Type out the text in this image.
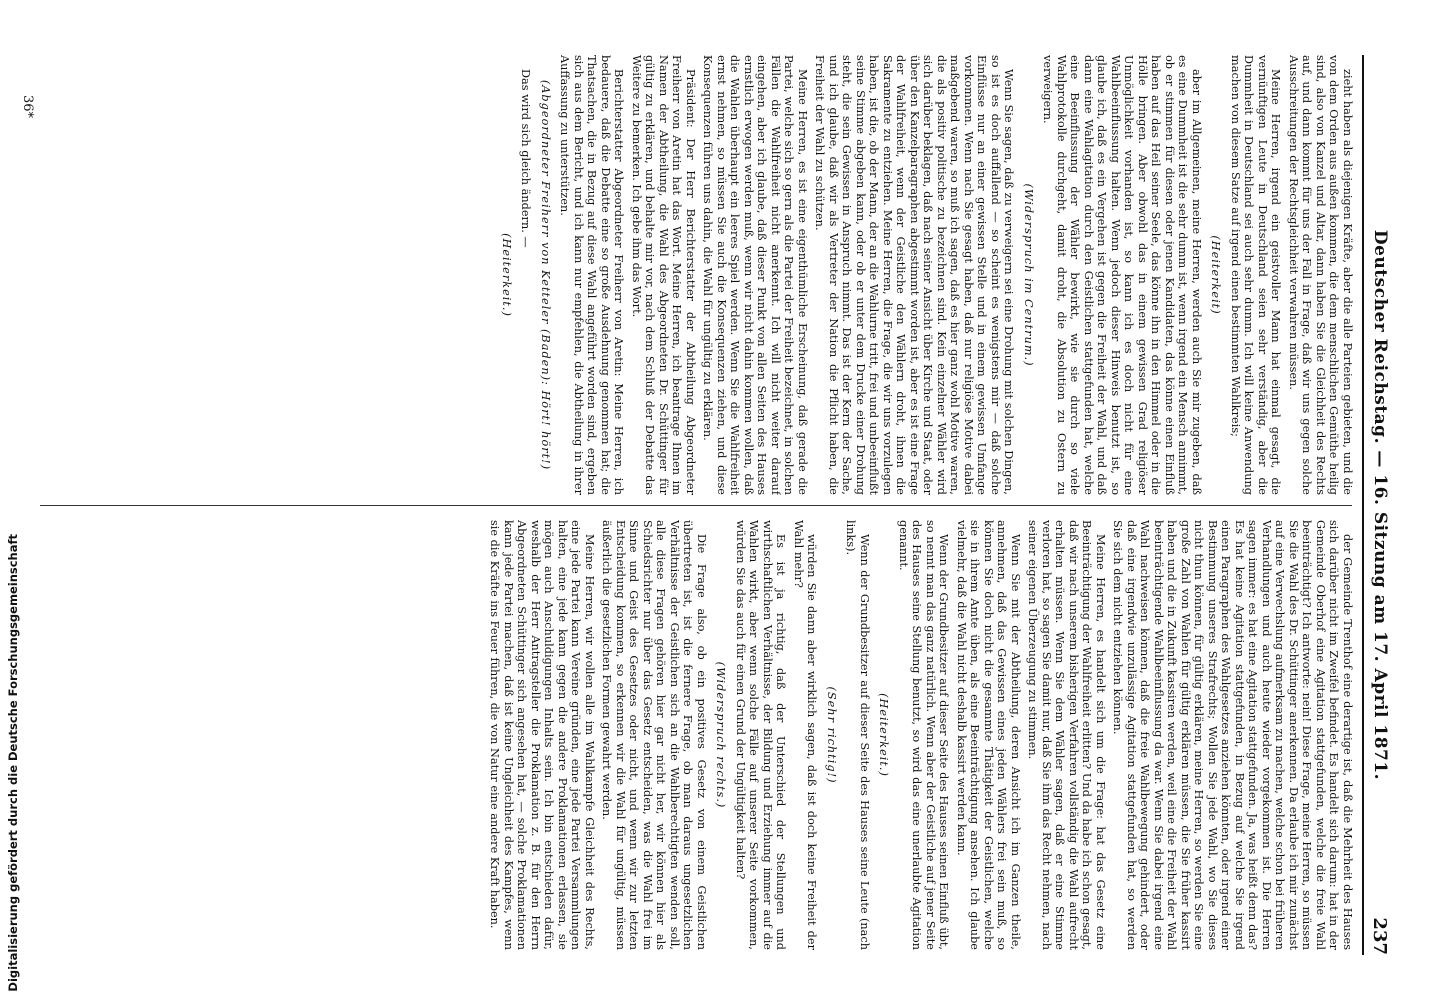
Digitalisierung gefördert durch die Deutsche Forschungsgemeinschaft	Deutscher Reichstag. — 16. Sitzung am 17. April 1871.
237

der Gemeinde Trenthof eine derartige ist, daß die Mehrheit des Hauses sich darüber nicht im Zweifel befindet. Es handelt sich darum: hat in der Gemeinde Oberhof eine Agitation stattgefunden, welche die freie Wahl beeinträchtigt? Ich antworte: nein! Diese Frage, meine Herren, so müssen Sie die Wahl des Dr. Schüttinger anerkennen. Da erlaube ich mir zunächst auf eine Verwechslung aufmerksam zu machen, welche schon bei früheren Verhandlungen und auch heute wieder vorgekommen ist. Die Herren sagen immer: es hat eine Agitation stattgefunden. Ja, was heißt denn das? Es hat keine Agitation stattgefunden, in Bezug auf welche Sie irgend einen Paragraphen des Wahlgesetzes anziehen könnten, oder irgend einer Bestimmung unseres Strafrechts; Wollen Sie jede Wahl, wo Sie dieses nicht thun können, für gültig erklären, meine Herren, so werden Sie eine große Zahl von Wahlen für gültig erklären müssen, die Sie früher kassirt haben und die in Zukunft kassiren werden, weil eine die Freiheit der Wahl beeinträchtigende Wahlbeeinflussung da war. Wenn Sie dabei irgend eine Wahl nachweisen können, daß die freie Wahlbewegung gehindert, oder daß eine irgendwie unzulässige Agitation stattgefunden hat, so werden Sie sich dem nicht entziehen können.

Meine Herren, es handelt sich um die Frage: hat das Gesetz eine Beeinträchtigung der Wahlfreiheit erlitten? Und da habe ich schon gesagt, daß wir nach unserem bisherigen Verfahren vollständig die Wahl aufrecht erhalten müssen. Wenn Sie dem Wähler sagen, daß er eine Stimme verloren hat, so sagen Sie damit nur, daß Sie ihm das Recht nehmen, nach seiner eigenen Überzeugung zu stimmen.

Wenn Sie mit der Abtheilung, deren Ansicht ich im Ganzen theile, annehmen, daß das Gewissen eines jeden Wählers frei sein muß, so können Sie doch nicht die gesammte Thätigkeit der Geistlichen, welche sie in ihrem Amte üben, als eine Beeinträchtigung ansehen. Ich glaube vielmehr, daß die Wahl nicht deshalb kassirt werden kann.

Wenn der Grundbesitzer auf dieser Seite des Hauses seinen Einfluß übt, so nennt man das ganz natürlich. Wenn aber der Geistliche auf jener Seite des Hauses seine Stellung benutzt, so wird das eine unerlaubte Agitation genannt.

(Heiterkeit.)

Wenn der Grundbesitzer auf dieser Seite des Hauses seine Leute (nach links).

(Sehr richtig!)

würden Sie dann aber wirklich sagen, daß ist doch keine Freiheit der Wahl mehr?

Es ist ja richtig, daß der Unterschied der Stellungen und wirthschaftlichen Verhältnisse, der Bildung und Erziehung immer auf die Wahlen wirkt, aber wenn solche Fälle auf unserer Seite vorkommen, würden Sie das auch für einen Grund der Ungültigkeit halten?

(Widerspruch rechts.)

Die Frage also, ob ein positives Gesetz von einem Geistlichen übertreten ist, ist die fernere Frage, ob man daraus ungesetzlichen Verhältnisse der Geistlichen sich an die Wahlberechtigten wenden soll, alle diese Fragen gehören hier gar nicht her, wir können hier als Schiedsrichter nur über das Gesetz entscheiden, was die Wahl frei im Sinne und Geist des Gesetzes oder nicht, und wenn wir zur letzten Entscheidung kommen, so erkennen wir die Wahl für ungültig, müssen äußerlich die gesetzlichen Formen gewahrt werden.

Meine Herren, wir wollen alle im Wahlkampfe Gleichheit des Rechts, eine jede Partei kann Vereine gründen, eine jede Partei Versammlungen halten, eine jede kann gegen die andere Proklamationen erlassen, sie mögen auch Anschuldigungen Inhalts sein. Ich bin entschieden dafür, weshalb der Herr Antragsteller die Proklamation z. B. für den Herrn Abgeordneten Schüttinger sich angesehen hat, — solche Proklamationen kann jede Partei machen, daß ist keine Ungleichheit des Kampfes, wenn sie die Kräfte ins Feuer führen, die von Natur eine andere Kraft haben.

zieht haben als diejenigen Kräfte, aber die alle Parteien gebieten, und die von dem Orden aus außen kommen, die dem menschlichen Gemüthe heilig sind, also von Kanzel und Altar, dann haben Sie die Gleichheit des Rechts auf, und dann kommt für uns der Fall in Frage, daß wir uns gegen solche Ausschreitungen der Rechtsgleichheit verwahren müssen.

Meine Herren, irgend ein geistvoller Mann hat einmal gesagt, die vernünftigen Leute in Deutschland seien sehr verständig, aber die Dummheit in Deutschland sei auch sehr dumm. Ich will keine Anwendung machen von diesem Satze auf irgend einen bestimmten Wahlkreis;

(Heiterkeit)

aber im Allgemeinen, meine Herren, werden auch Sie mir zugeben, daß es eine Dummheit ist die sehr dumm ist, wenn irgend ein Mensch annimmt, ob er stimmen für diesen oder jenen Kandidaten, das könne einen Einfluß haben auf das Heil seiner Seele, das könne ihn in den Himmel oder in die Hölle bringen. Aber obwohl das in einem gewissen Grad religiöser Unmöglichkeit vorhanden ist, so kann ich es doch nicht für eine Wahlbeeinflussung halten. Wenn jedoch dieser Hinweis benutzt ist, so glaube ich, daß es ein Vergehen ist gegen die Freiheit der Wahl, und daß dann eine Wahlagitation durch den Geistlichen stattgefunden hat, welche eine Beeinflussung der Wähler bewirkt, wie sie durch so viele Wahlprotokolle durchgeht, damit droht, die Absolution zu Ostern zu verweigern.

(Widerspruch im Centrum.)

Wenn Sie sagen, daß zu verweigern sei eine Drohung mit solchen Dingen, so ist es doch auffallend — so scheint es wenigstens mir — daß solche Einflüsse nur an einer gewissen Stelle und in einem gewissen Umfange vorkommen. Wenn nach Sie gesagt haben, daß nur religiöse Motive dabei maßgebend waren, so muß ich sagen, daß es hier ganz wohl Motive waren, die als positiv politische zu bezeichnen sind. Kein einzelner Wähler wird sich darüber beklagen, daß nach seiner Ansicht über Kirche und Staat, oder über den Kanzelparagraphen abgestimmt worden ist, aber es ist eine Frage der Wahlfreiheit, wenn der Geistliche den Wählern droht, ihnen die Sakramente zu entziehen. Meine Herren, die Frage, die wir uns vorzulegen haben, ist die, ob der Mann, der an die Wahlurne tritt, frei und unbeeinflußt seine Stimme abgeben kann, oder ob er unter dem Drucke einer Drohung steht, die sein Gewissen in Anspruch nimmt. Das ist der Kern der Sache, und ich glaube, daß wir als Vertreter der Nation die Pflicht haben, die Freiheit der Wahl zu schützen.

Meine Herren, es ist eine eigenthümliche Erscheinung, daß gerade die Partei, welche sich so gern als die Partei der Freiheit bezeichnet, in solchen Fällen die Wahlfreiheit nicht anerkennt. Ich will nicht weiter darauf eingehen, aber ich glaube, daß dieser Punkt von allen Seiten des Hauses ernstlich erwogen werden muß, wenn wir nicht dahin kommen wollen, daß die Wahlen überhaupt ein leeres Spiel werden. Wenn Sie die Wahlfreiheit ernst nehmen, so müssen Sie auch die Konsequenzen ziehen, und diese Konsequenzen führen uns dahin, die Wahl für ungültig zu erklären.

Präsident: Der Herr Berichterstatter der Abtheilung Abgeordneter Freiherr von Aretin hat das Wort. Meine Herren, ich beantrage Ihnen im Namen der Abtheilung, die Wahl des Abgeordneten Dr. Schüttinger für gültig zu erklären, und behalte mir vor, nach dem Schluß der Debatte das Weitere zu bemerken. Ich gebe ihm das Wort.

Berichterstatter Abgeordneter Freiherr von Aretin: Meine Herren, ich bedauere, daß die Debatte eine so große Ausdehnung genommen hat; die Thatsachen, die in Bezug auf diese Wahl angeführt worden sind, ergeben sich aus dem Bericht, und ich kann nur empfehlen, die Abtheilung in ihrer Auffassung zu unterstützen.

(Abgeordneter Freiherr von Ketteler (Baden): Hört! hört!)

Das wird sich gleich ändern. —

(Heiterkeit.)

36*
